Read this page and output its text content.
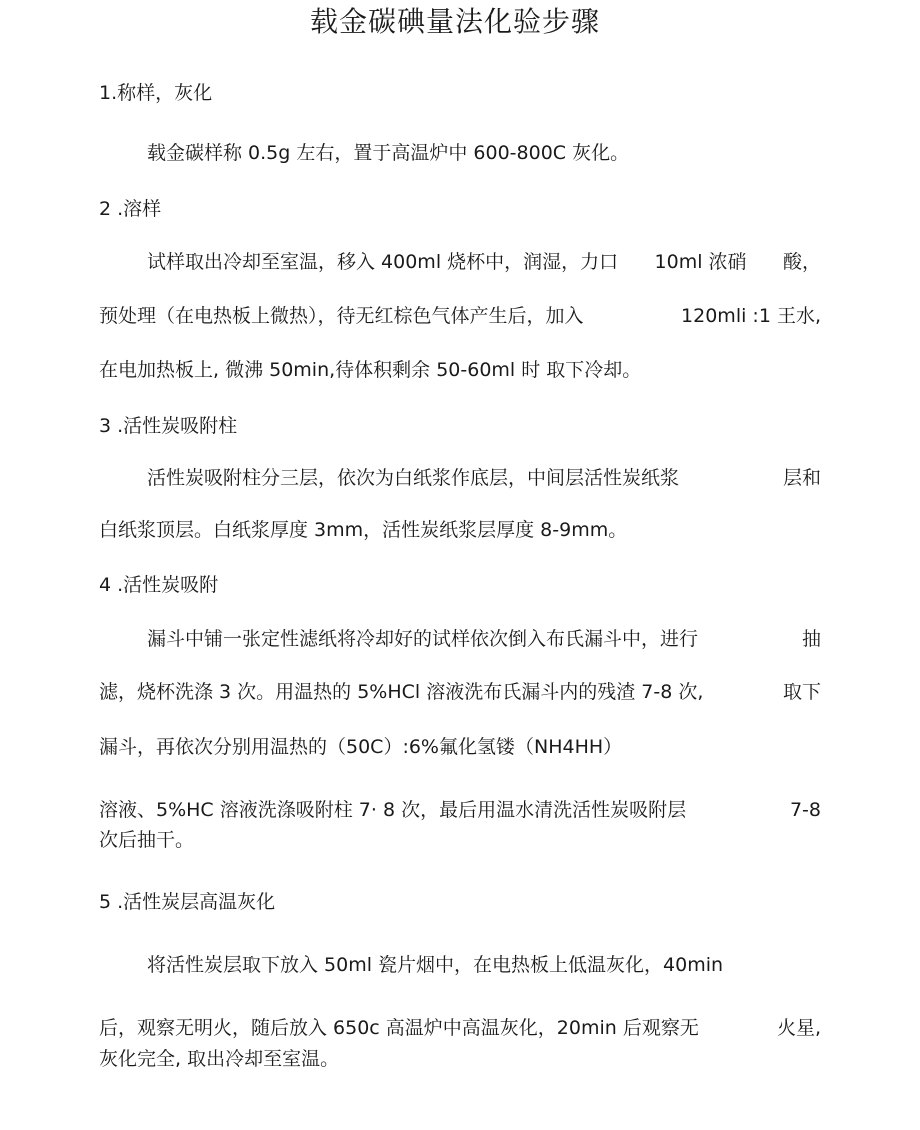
载金碳碘量法化验步骤
1.称样，灰化
载金碳样称 0.5g 左右，置于高温炉中 600-800C 灰化。
2 .溶样
试样取出冷却至室温，移入 400ml 烧杯中，润湿，力口 10ml 浓硝 酸，
预处理（在电热板上微热），待无红棕色气体产生后，加入	120mli :1 王水,
在电加热板上, 微沸 50min,待体积剩余 50-60ml 时 取下冷却。
3 .活性炭吸附柱
活性炭吸附柱分三层，依次为白纸浆作底层，中间层活性炭纸浆	层和
白纸浆顶层。白纸浆厚度 3mm，活性炭纸浆层厚度 8-9mm。
4 .活性炭吸附
漏斗中铺一张定性滤纸将冷却好的试样依次倒入布氏漏斗中，进行	抽
滤，烧杯洗涤 3 次。用温热的 5%HCl 溶液洗布氏漏斗内的残渣 7-8 次,	取下
漏斗，再依次分别用温热的（50C）:6%氟化氢镂（NH4HH）
溶液、5%HC 溶液洗涤吸附柱 7· 8 次，最后用温水清洗活性炭吸附层	7-8
次后抽干。
5 .活性炭层高温灰化
将活性炭层取下放入 50ml 瓷片烟中，在电热板上低温灰化，40min
后，观察无明火，随后放入 650c 高温炉中高温灰化，20min 后观察无	火星,
灰化完全, 取出冷却至室温。
